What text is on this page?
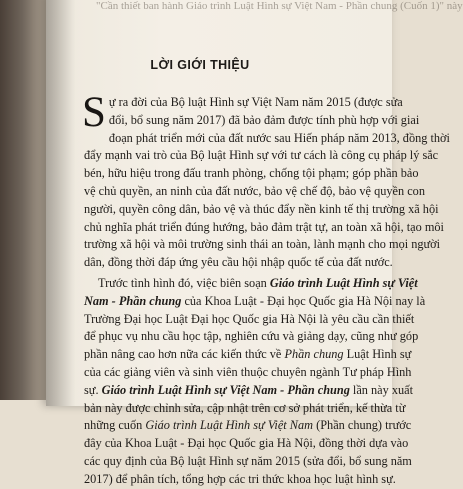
"Cần thiết ban hành Giáo trình Luật Hình sự Việt Nam - Phần chung (Cuốn 1)" này
LỜI GIỚI THIỆU
S ự ra đời của Bộ luật Hình sự Việt Nam năm 2015 (được sửa
đổi, bổ sung năm 2017) đã bảo đảm được tính phù hợp với giai
đoạn phát triển mới của đất nước sau Hiến pháp năm 2013, đồng thời
đẩy mạnh vai trò của Bộ luật Hình sự với tư cách là công cụ pháp lý sắc
bén, hữu hiệu trong đấu tranh phòng, chống tội phạm; góp phần bảo
vệ chủ quyền, an ninh của đất nước, bảo vệ chế độ, bảo vệ quyền con
người, quyền công dân, bảo vệ và thúc đẩy nền kinh tế thị trường xã hội
chủ nghĩa phát triển đúng hướng, bảo đảm trật tự, an toàn xã hội, tạo môi
trường xã hội và môi trường sinh thái an toàn, lành mạnh cho mọi người
dân, đồng thời đáp ứng yêu cầu hội nhập quốc tế của đất nước.
Trước tình hình đó, việc biên soạn Giáo trình Luật Hình sự Việt
Nam - Phần chung của Khoa Luật - Đại học Quốc gia Hà Nội nay là
Trường Đại học Luật Đại học Quốc gia Hà Nội là yêu cầu cần thiết
để phục vụ nhu cầu học tập, nghiên cứu và giảng dạy, cũng như góp
phần nâng cao hơn nữa các kiến thức về Phần chung Luật Hình sự
của các giảng viên và sinh viên thuộc chuyên ngành Tư pháp Hình
sự. Giáo trình Luật Hình sự Việt Nam - Phần chung lần này xuất
bản này được chỉnh sửa, cập nhật trên cơ sở phát triển, kế thừa từ
những cuốn Giáo trình Luật Hình sự Việt Nam (Phần chung) trước
đây của Khoa Luật - Đại học Quốc gia Hà Nội, đồng thời dựa vào
các quy định của Bộ luật Hình sự năm 2015 (sửa đổi, bổ sung năm
2017) để phân tích, tổng hợp các tri thức khoa học luật hình sự.
